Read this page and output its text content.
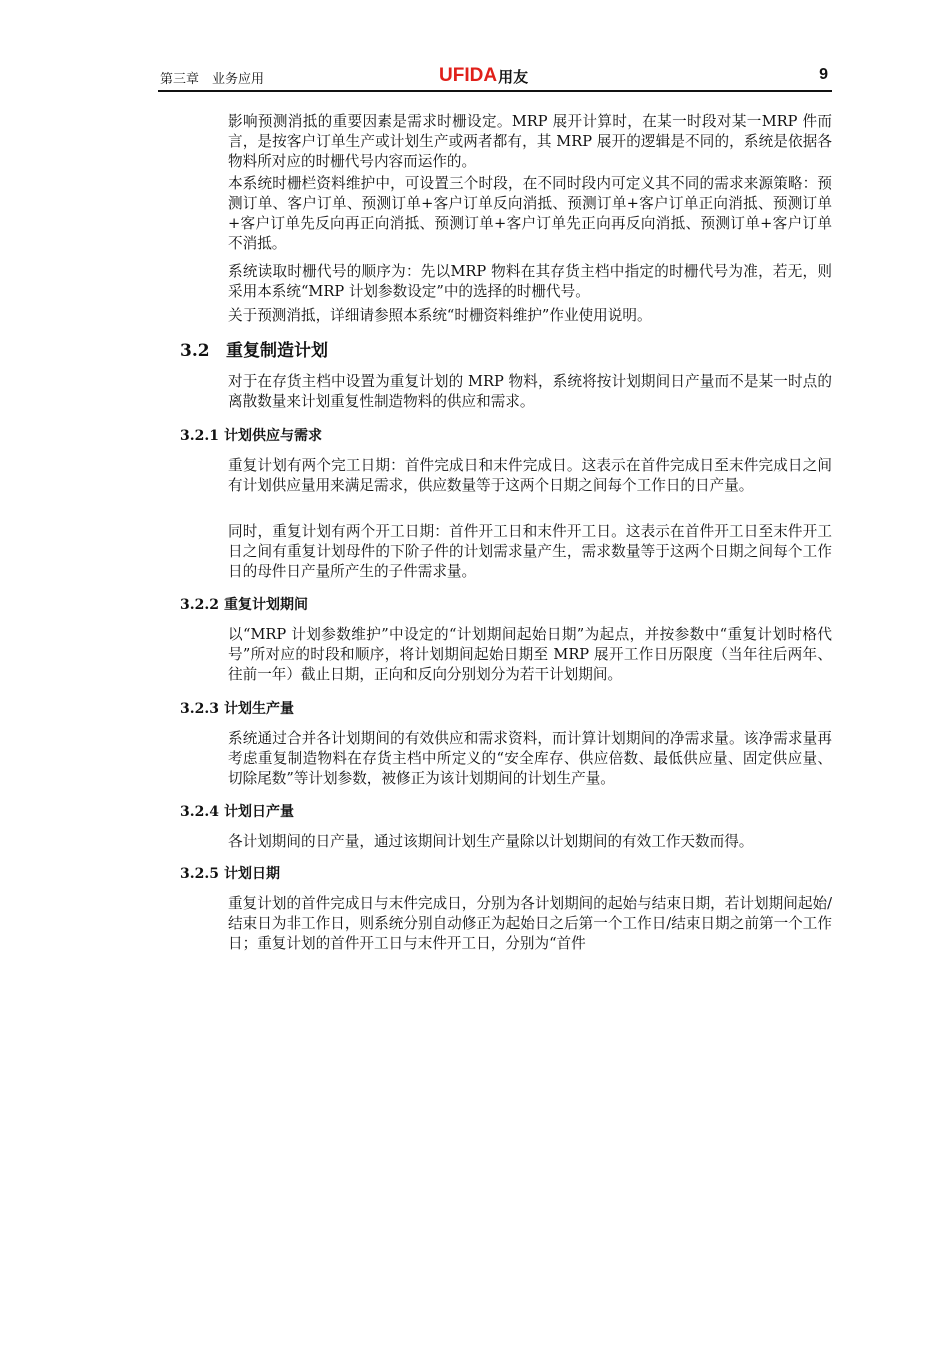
第三章　业务应用	UFIDA 用友	9

影响预测消抵的重要因素是需求时栅设定。MRP 展开计算时，在某一时段对某一MRP 件而言，是按客户订单生产或计划生产或两者都有，其 MRP 展开的逻辑是不同的，系统是依据各物料所对应的时栅代号内容而运作的。

本系统时栅栏资料维护中，可设置三个时段，在不同时段内可定义其不同的需求来源策略：预测订单、客户订单、预测订单+客户订单反向消抵、预测订单+客户订单正向消抵、预测订单+客户订单先反向再正向消抵、预测订单+客户订单先正向再反向消抵、预测订单+客户订单不消抵。

系统读取时栅代号的顺序为：先以MRP 物料在其存货主档中指定的时栅代号为准，若无，则采用本系统“MRP 计划参数设定”中的选择的时栅代号。

关于预测消抵，详细请参照本系统“时栅资料维护”作业使用说明。

3.2 重复制造计划

对于在存货主档中设置为重复计划的 MRP 物料，系统将按计划期间日产量而不是某一时点的离散数量来计划重复性制造物料的供应和需求。

3.2.1 计划供应与需求

重复计划有两个完工日期：首件完成日和末件完成日。这表示在首件完成日至末件完成日之间有计划供应量用来满足需求，供应数量等于这两个日期之间每个工作日的日产量。

同时，重复计划有两个开工日期：首件开工日和末件开工日。这表示在首件开工日至末件开工日之间有重复计划母件的下阶子件的计划需求量产生，需求数量等于这两个日期之间每个工作日的母件日产量所产生的子件需求量。

3.2.2 重复计划期间

以“MRP 计划参数维护”中设定的“计划期间起始日期”为起点，并按参数中“重复计划时格代号”所对应的时段和顺序，将计划期间起始日期至 MRP 展开工作日历限度（当年往后两年、往前一年）截止日期，正向和反向分别划分为若干计划期间。

3.2.3 计划生产量

系统通过合并各计划期间的有效供应和需求资料，而计算计划期间的净需求量。该净需求量再考虑重复制造物料在存货主档中所定义的“安全库存、供应倍数、最低供应量、固定供应量、切除尾数”等计划参数，被修正为该计划期间的计划生产量。

3.2.4 计划日产量

各计划期间的日产量，通过该期间计划生产量除以计划期间的有效工作天数而得。

3.2.5 计划日期

重复计划的首件完成日与末件完成日，分别为各计划期间的起始与结束日期，若计划期间起始/结束日为非工作日，则系统分别自动修正为起始日之后第一个工作日/结束日期之前第一个工作日；重复计划的首件开工日与末件开工日，分别为“首件
